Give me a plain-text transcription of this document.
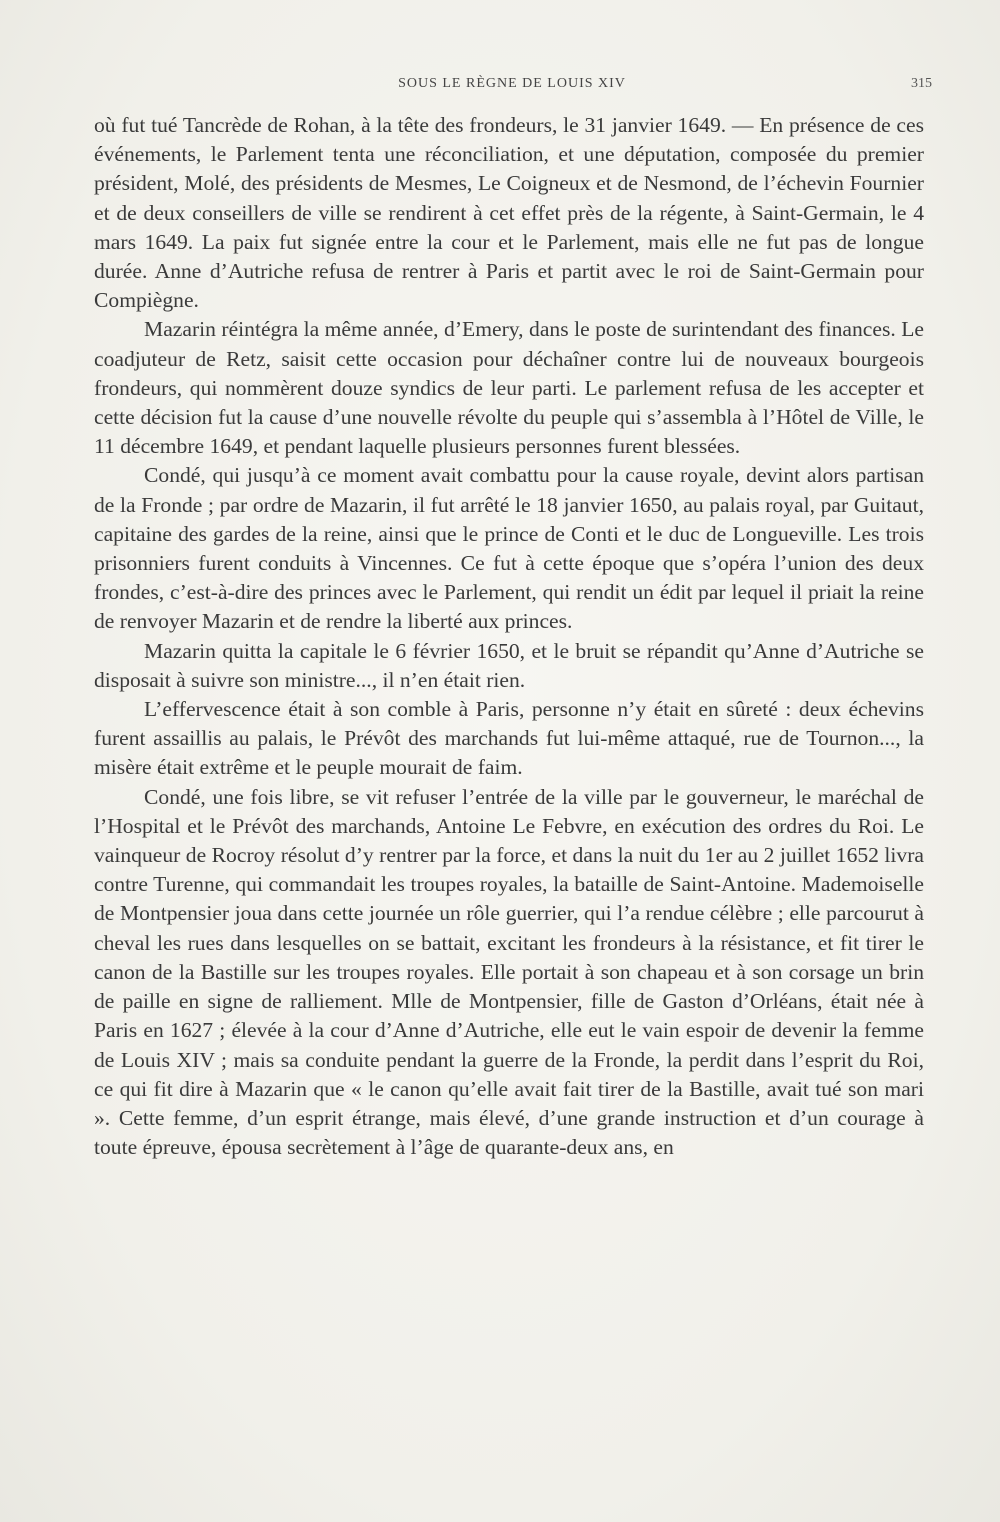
SOUS LE RÈGNE DE LOUIS XIV	315

où fut tué Tancrède de Rohan, à la tête des frondeurs, le 31 janvier 1649. — En présence de ces événements, le Parlement tenta une réconciliation, et une députation, composée du premier président, Molé, des présidents de Mesmes, Le Coigneux et de Nesmond, de l’échevin Fournier et de deux conseillers de ville se rendirent à cet effet près de la régente, à Saint-Germain, le 4 mars 1649. La paix fut signée entre la cour et le Parlement, mais elle ne fut pas de longue durée. Anne d’Autriche refusa de rentrer à Paris et partit avec le roi de Saint-Germain pour Compiègne.

Mazarin réintégra la même année, d’Emery, dans le poste de surintendant des finances. Le coadjuteur de Retz, saisit cette occasion pour déchaîner contre lui de nouveaux bourgeois frondeurs, qui nommèrent douze syndics de leur parti. Le parlement refusa de les accepter et cette décision fut la cause d’une nouvelle révolte du peuple qui s’assembla à l’Hôtel de Ville, le 11 décembre 1649, et pendant laquelle plusieurs personnes furent blessées.

Condé, qui jusqu’à ce moment avait combattu pour la cause royale, devint alors partisan de la Fronde ; par ordre de Mazarin, il fut arrêté le 18 janvier 1650, au palais royal, par Guitaut, capitaine des gardes de la reine, ainsi que le prince de Conti et le duc de Longueville. Les trois prisonniers furent conduits à Vincennes. Ce fut à cette époque que s’opéra l’union des deux frondes, c’est-à-dire des princes avec le Parlement, qui rendit un édit par lequel il priait la reine de renvoyer Mazarin et de rendre la liberté aux princes.

Mazarin quitta la capitale le 6 février 1650, et le bruit se répandit qu’Anne d’Autriche se disposait à suivre son ministre..., il n’en était rien.

L’effervescence était à son comble à Paris, personne n’y était en sûreté : deux échevins furent assaillis au palais, le Prévôt des marchands fut lui-même attaqué, rue de Tournon..., la misère était extrême et le peuple mourait de faim.

Condé, une fois libre, se vit refuser l’entrée de la ville par le gouverneur, le maréchal de l’Hospital et le Prévôt des marchands, Antoine Le Febvre, en exécution des ordres du Roi. Le vainqueur de Rocroy résolut d’y rentrer par la force, et dans la nuit du 1er au 2 juillet 1652 livra contre Turenne, qui commandait les troupes royales, la bataille de Saint-Antoine. Mademoiselle de Montpensier joua dans cette journée un rôle guerrier, qui l’a rendue célèbre ; elle parcourut à cheval les rues dans lesquelles on se battait, excitant les frondeurs à la résistance, et fit tirer le canon de la Bastille sur les troupes royales. Elle portait à son chapeau et à son corsage un brin de paille en signe de ralliement. Mlle de Montpensier, fille de Gaston d’Orléans, était née à Paris en 1627 ; élevée à la cour d’Anne d’Autriche, elle eut le vain espoir de devenir la femme de Louis XIV ; mais sa conduite pendant la guerre de la Fronde, la perdit dans l’esprit du Roi, ce qui fit dire à Mazarin que « le canon qu’elle avait fait tirer de la Bastille, avait tué son mari ». Cette femme, d’un esprit étrange, mais élevé, d’une grande instruction et d’un courage à toute épreuve, épousa secrètement à l’âge de quarante-deux ans, en
